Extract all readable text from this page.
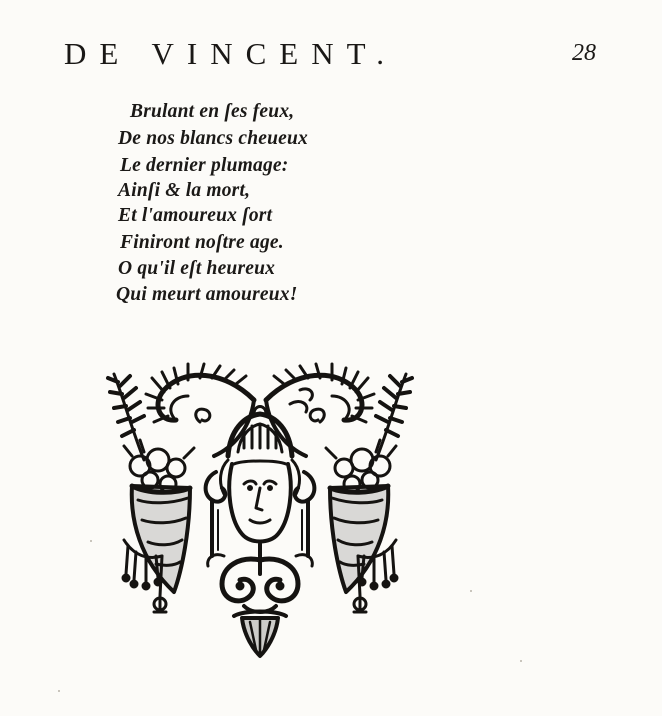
DE VINCENT.	28
Brulant en ſes feux,
De nos blancs cheueux
Le dernier plumage:
Ainſi & la mort,
Et l'amoureux ſort
Finiront noſtre age.
O qu'il eſt heureux
Qui meurt amoureux!
